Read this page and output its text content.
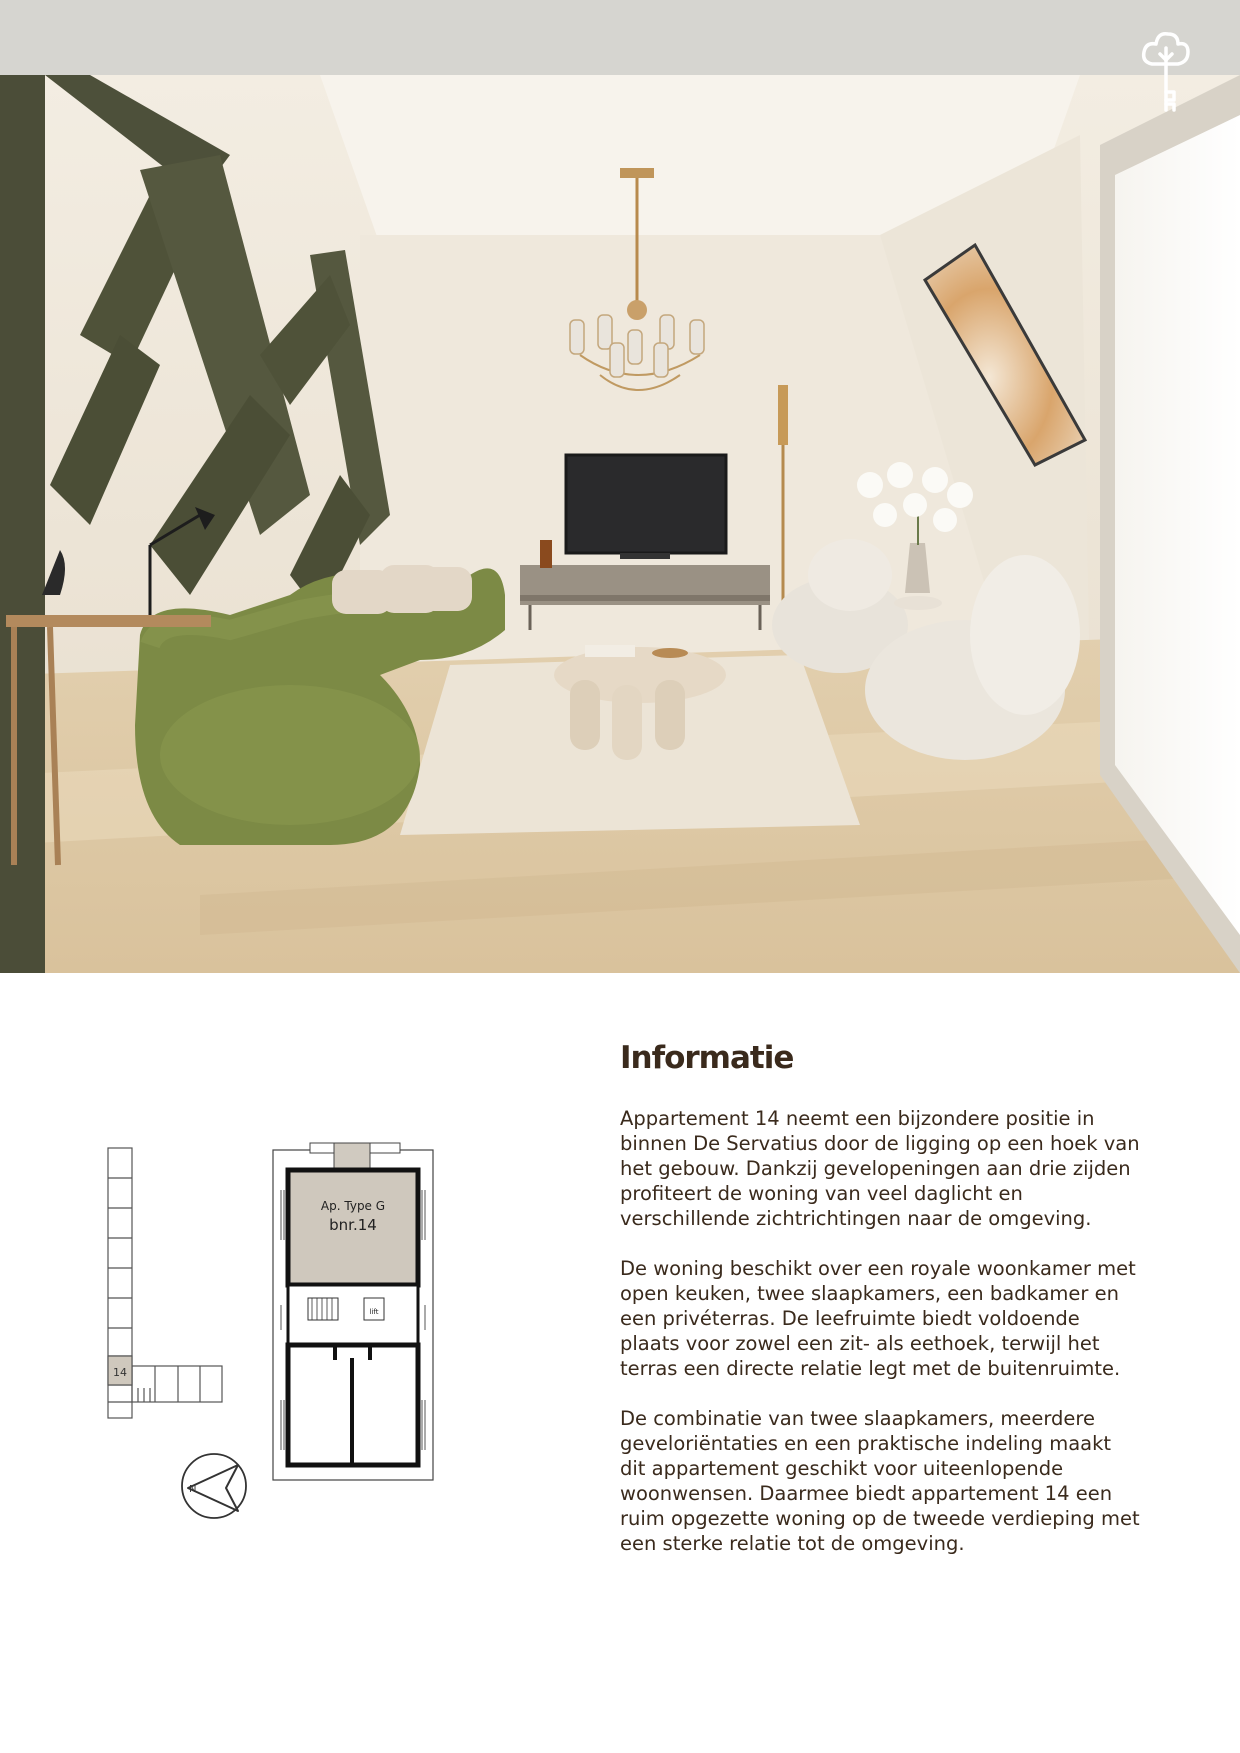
14
N
Ap. Type G
bnr.14
lift
Informatie

Appartement 14 neemt een bijzondere positie in binnen De Servatius door de ligging op een hoek van het gebouw. Dankzij gevelopeningen aan drie zijden profiteert de woning van veel daglicht en verschillende zichtrichtingen naar de omgeving.

De woning beschikt over een royale woonkamer met open keuken, twee slaapkamers, een badkamer en een privéterras. De leefruimte biedt voldoende plaats voor zowel een zit- als eethoek, terwijl het terras een directe relatie legt met de buitenruimte.

De combinatie van twee slaapkamers, meerdere geveloriëntaties en een praktische indeling maakt dit appartement geschikt voor uiteenlopende woonwensen. Daarmee biedt appartement 14 een ruim opgezette woning op de tweede verdieping met een sterke relatie tot de omgeving.
